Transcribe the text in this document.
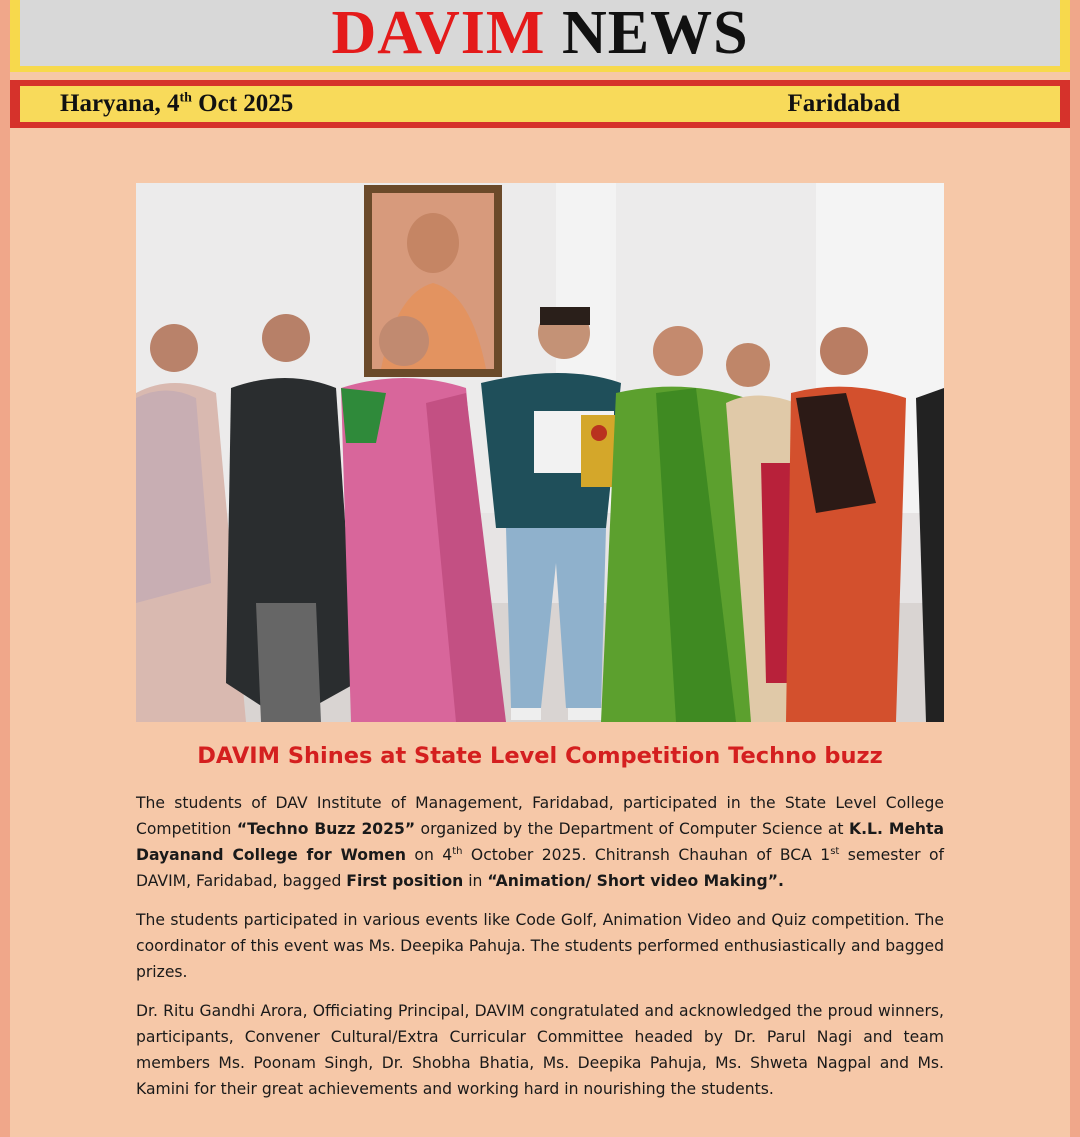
DAVIM NEWS
Haryana, 4th Oct 2025	Faridabad
DAVIM Shines at State Level Competition Techno buzz

The students of DAV Institute of Management, Faridabad, participated in the State Level College Competition “Techno Buzz 2025” organized by the Department of Computer Science at K.L. Mehta Dayanand College for Women on 4th October 2025. Chitransh Chauhan of BCA 1st semester of DAVIM, Faridabad, bagged First position in “Animation/ Short video Making”.

The students participated in various events like Code Golf, Animation Video and Quiz competition. The coordinator of this event was Ms. Deepika Pahuja. The students performed enthusiastically and bagged prizes.

Dr. Ritu Gandhi Arora, Officiating Principal, DAVIM congratulated and acknowledged the proud winners, participants, Convener Cultural/Extra Curricular Committee headed by Dr. Parul Nagi and team members Ms. Poonam Singh, Dr. Shobha Bhatia, Ms. Deepika Pahuja, Ms. Shweta Nagpal and Ms. Kamini for their great achievements and working hard in nourishing the students.
